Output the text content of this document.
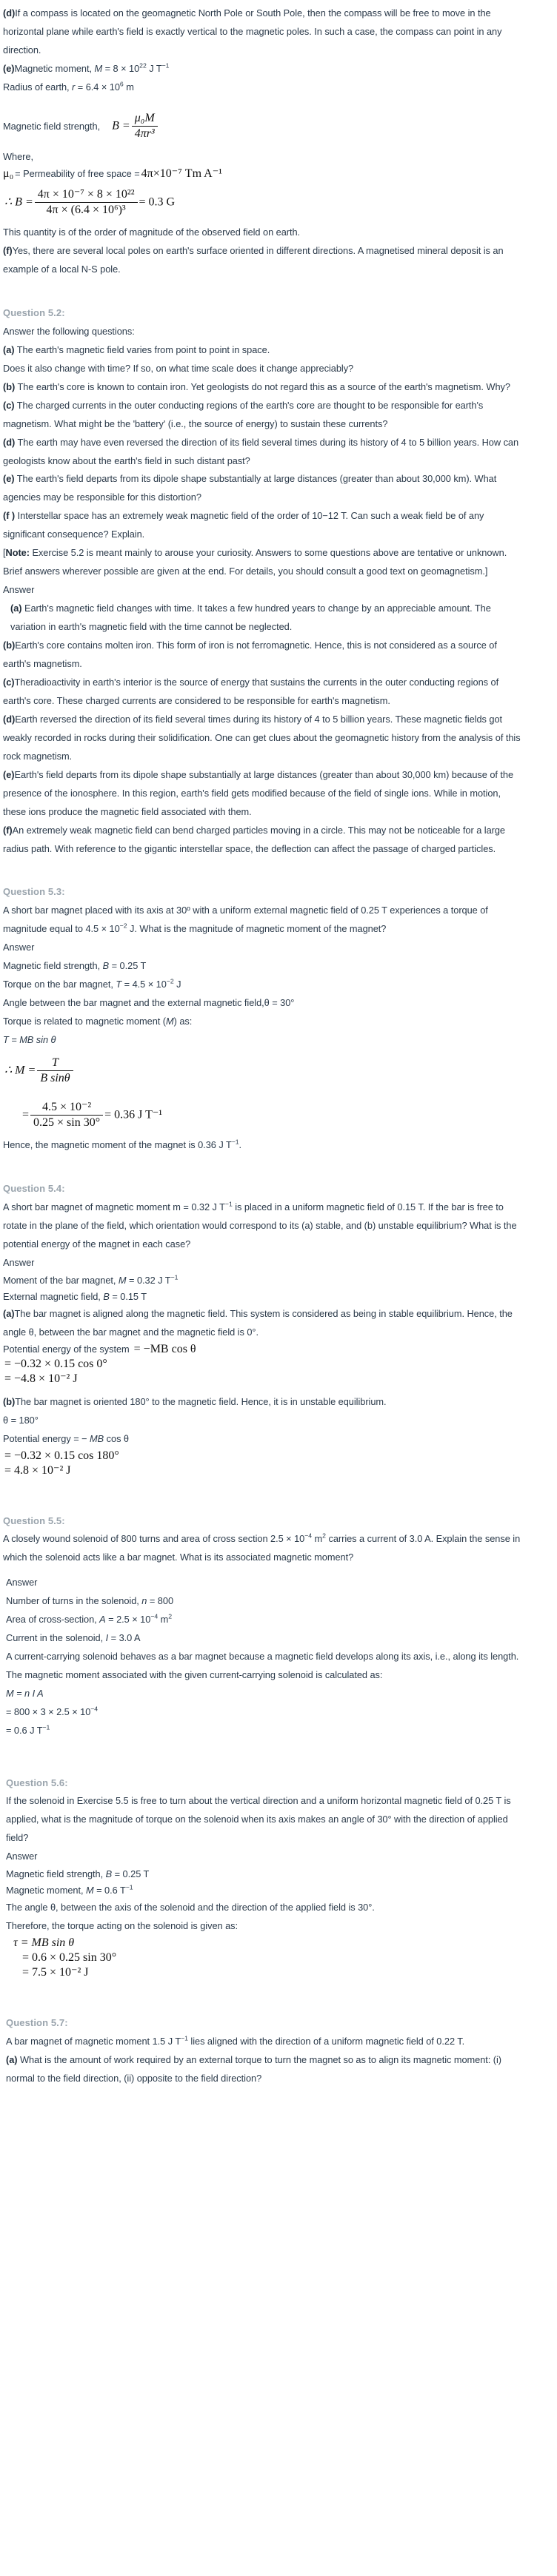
(d)If a compass is located on the geomagnetic North Pole or South Pole, then the compass will be free to move in the horizontal plane while earth's field is exactly vertical to the magnetic poles. In such a case, the compass can point in any direction.

(e)Magnetic moment, $M = 8 \times 10^{22}$ J $T^{-1}$

Radius of earth, $r = 6.4 \times 10^6$ m

Magnetic field strength, $B = \frac{\text{μ₀M}}{\text{4πr³}}$

Where,

μ₀ = Permeability of free space = 4π×10⁻⁷ Tm A⁻¹
∴ $B = \frac{\text{4π × 10⁻⁷ × 8 × 10²²}}{\text{4π × (6.4 × 10⁶)³}} = 0.3$ G

This quantity is of the order of magnitude of the observed field on earth.

(f)Yes, there are several local poles on earth's surface oriented in different directions. A magnetised mineral deposit is an example of a local N-S pole.

Question 5.2:

Answer the following questions:

(a) The earth's magnetic field varies from point to point in space.

Does it also change with time? If so, on what time scale does it change appreciably?

(b) The earth's core is known to contain iron. Yet geologists do not regard this as a source of the earth's magnetism. Why?

(c) The charged currents in the outer conducting regions of the earth's core are thought to be responsible for earth's magnetism. What might be the 'battery' (i.e., the source of energy) to sustain these currents?

(d) The earth may have even reversed the direction of its field several times during its history of 4 to 5 billion years. How can geologists know about the earth's field in such distant past?

(e) The earth's field departs from its dipole shape substantially at large distances (greater than about 30,000 km). What agencies may be responsible for this distortion?

(f ) Interstellar space has an extremely weak magnetic field of the order of 10−12 T. Can such a weak field be of any significant consequence? Explain.

[Note: Exercise 5.2 is meant mainly to arouse your curiosity. Answers to some questions above are tentative or unknown. Brief answers wherever possible are given at the end. For details, you should consult a good text on geomagnetism.]

Answer

(a) Earth's magnetic field changes with time. It takes a few hundred years to change by an appreciable amount. The variation in earth's magnetic field with the time cannot be neglected.

(b)Earth's core contains molten iron. This form of iron is not ferromagnetic. Hence, this is not considered as a source of earth's magnetism.

(c)Theradioactivity in earth's interior is the source of energy that sustains the currents in the outer conducting regions of earth's core. These charged currents are considered to be responsible for earth's magnetism.

(d)Earth reversed the direction of its field several times during its history of 4 to 5 billion years. These magnetic fields got weakly recorded in rocks during their solidification. One can get clues about the geomagnetic history from the analysis of this rock magnetism.

(e)Earth's field departs from its dipole shape substantially at large distances (greater than about 30,000 km) because of the presence of the ionosphere. In this region, earth's field gets modified because of the field of single ions. While in motion, these ions produce the magnetic field associated with them.

(f)An extremely weak magnetic field can bend charged particles moving in a circle. This may not be noticeable for a large radius path. With reference to the gigantic interstellar space, the deflection can affect the passage of charged particles.

Question 5.3:

A short bar magnet placed with its axis at 30º with a uniform external magnetic field of 0.25 T experiences a torque of magnitude equal to $4.5 \times 10^{-2}$ J. What is the magnitude of magnetic moment of the magnet?

Answer

Magnetic field strength, B = 0.25 T

Torque on the bar magnet, $T = 4.5 \times 10^{-2}$ J

Angle between the bar magnet and the external magnetic field,θ = 30°

Torque is related to magnetic moment (M) as:

T = MB sin θ

∴ $M = \frac{T}{\text{B sinθ}}$
= $\frac{\text{4.5 × 10⁻²}}{0.25 \times \sin 30^\circ} = 0.36$ J T⁻¹

Hence, the magnetic moment of the magnet is 0.36 J $T^{-1}$.

Question 5.4:

A short bar magnet of magnetic moment m = 0.32 J $T^{-1}$ is placed in a uniform magnetic field of 0.15 T. If the bar is free to rotate in the plane of the field, which orientation would correspond to its (a) stable, and (b) unstable equilibrium? What is the potential energy of the magnet in each case?

Answer

Moment of the bar magnet, M = 0.32 J $T^{-1}$

External magnetic field, B = 0.15 T

(a)The bar magnet is aligned along the magnetic field. This system is considered as being in stable equilibrium. Hence, the angle θ, between the bar magnet and the magnetic field is 0°.

Potential energy of the system = −MB cos θ
= −0.32 × 0.15 cos 0°
= −4.8 × 10⁻² J

(b)The bar magnet is oriented 180° to the magnetic field. Hence, it is in unstable equilibrium.

θ = 180°

Potential energy = − MB cos θ

= −0.32 × 0.15 cos 180°
= 4.8 × 10⁻² J

Question 5.5:

A closely wound solenoid of 800 turns and area of cross section $2.5 \times 10^{-4}$ $m^2$ carries a current of 3.0 A. Explain the sense in which the solenoid acts like a bar magnet. What is its associated magnetic moment?

Answer

Number of turns in the solenoid, n = 800

Area of cross-section, $A = 2.5 \times 10^{-4}$ $m^2$

Current in the solenoid, I = 3.0 A

A current-carrying solenoid behaves as a bar magnet because a magnetic field develops along its axis, i.e., along its length.

The magnetic moment associated with the given current-carrying solenoid is calculated as:

M = n I A

= $800 \times 3 \times 2.5 \times 10^{-4}$

= 0.6 J $T^{-1}$

Question 5.6:

If the solenoid in Exercise 5.5 is free to turn about the vertical direction and a uniform horizontal magnetic field of 0.25 T is applied, what is the magnitude of torque on the solenoid when its axis makes an angle of 30° with the direction of applied field?

Answer

Magnetic field strength, B = 0.25 T

Magnetic moment, M = 0.6 $T^{-1}$

The angle θ, between the axis of the solenoid and the direction of the applied field is 30°.

Therefore, the torque acting on the solenoid is given as:

τ = MB sin θ
= 0.6 × 0.25 sin 30°
= 7.5 × 10⁻² J

Question 5.7:

A bar magnet of magnetic moment 1.5 J $T^{-1}$ lies aligned with the direction of a uniform magnetic field of 0.22 T.

(a) What is the amount of work required by an external torque to turn the magnet so as to align its magnetic moment: (i) normal to the field direction, (ii) opposite to the field direction?
